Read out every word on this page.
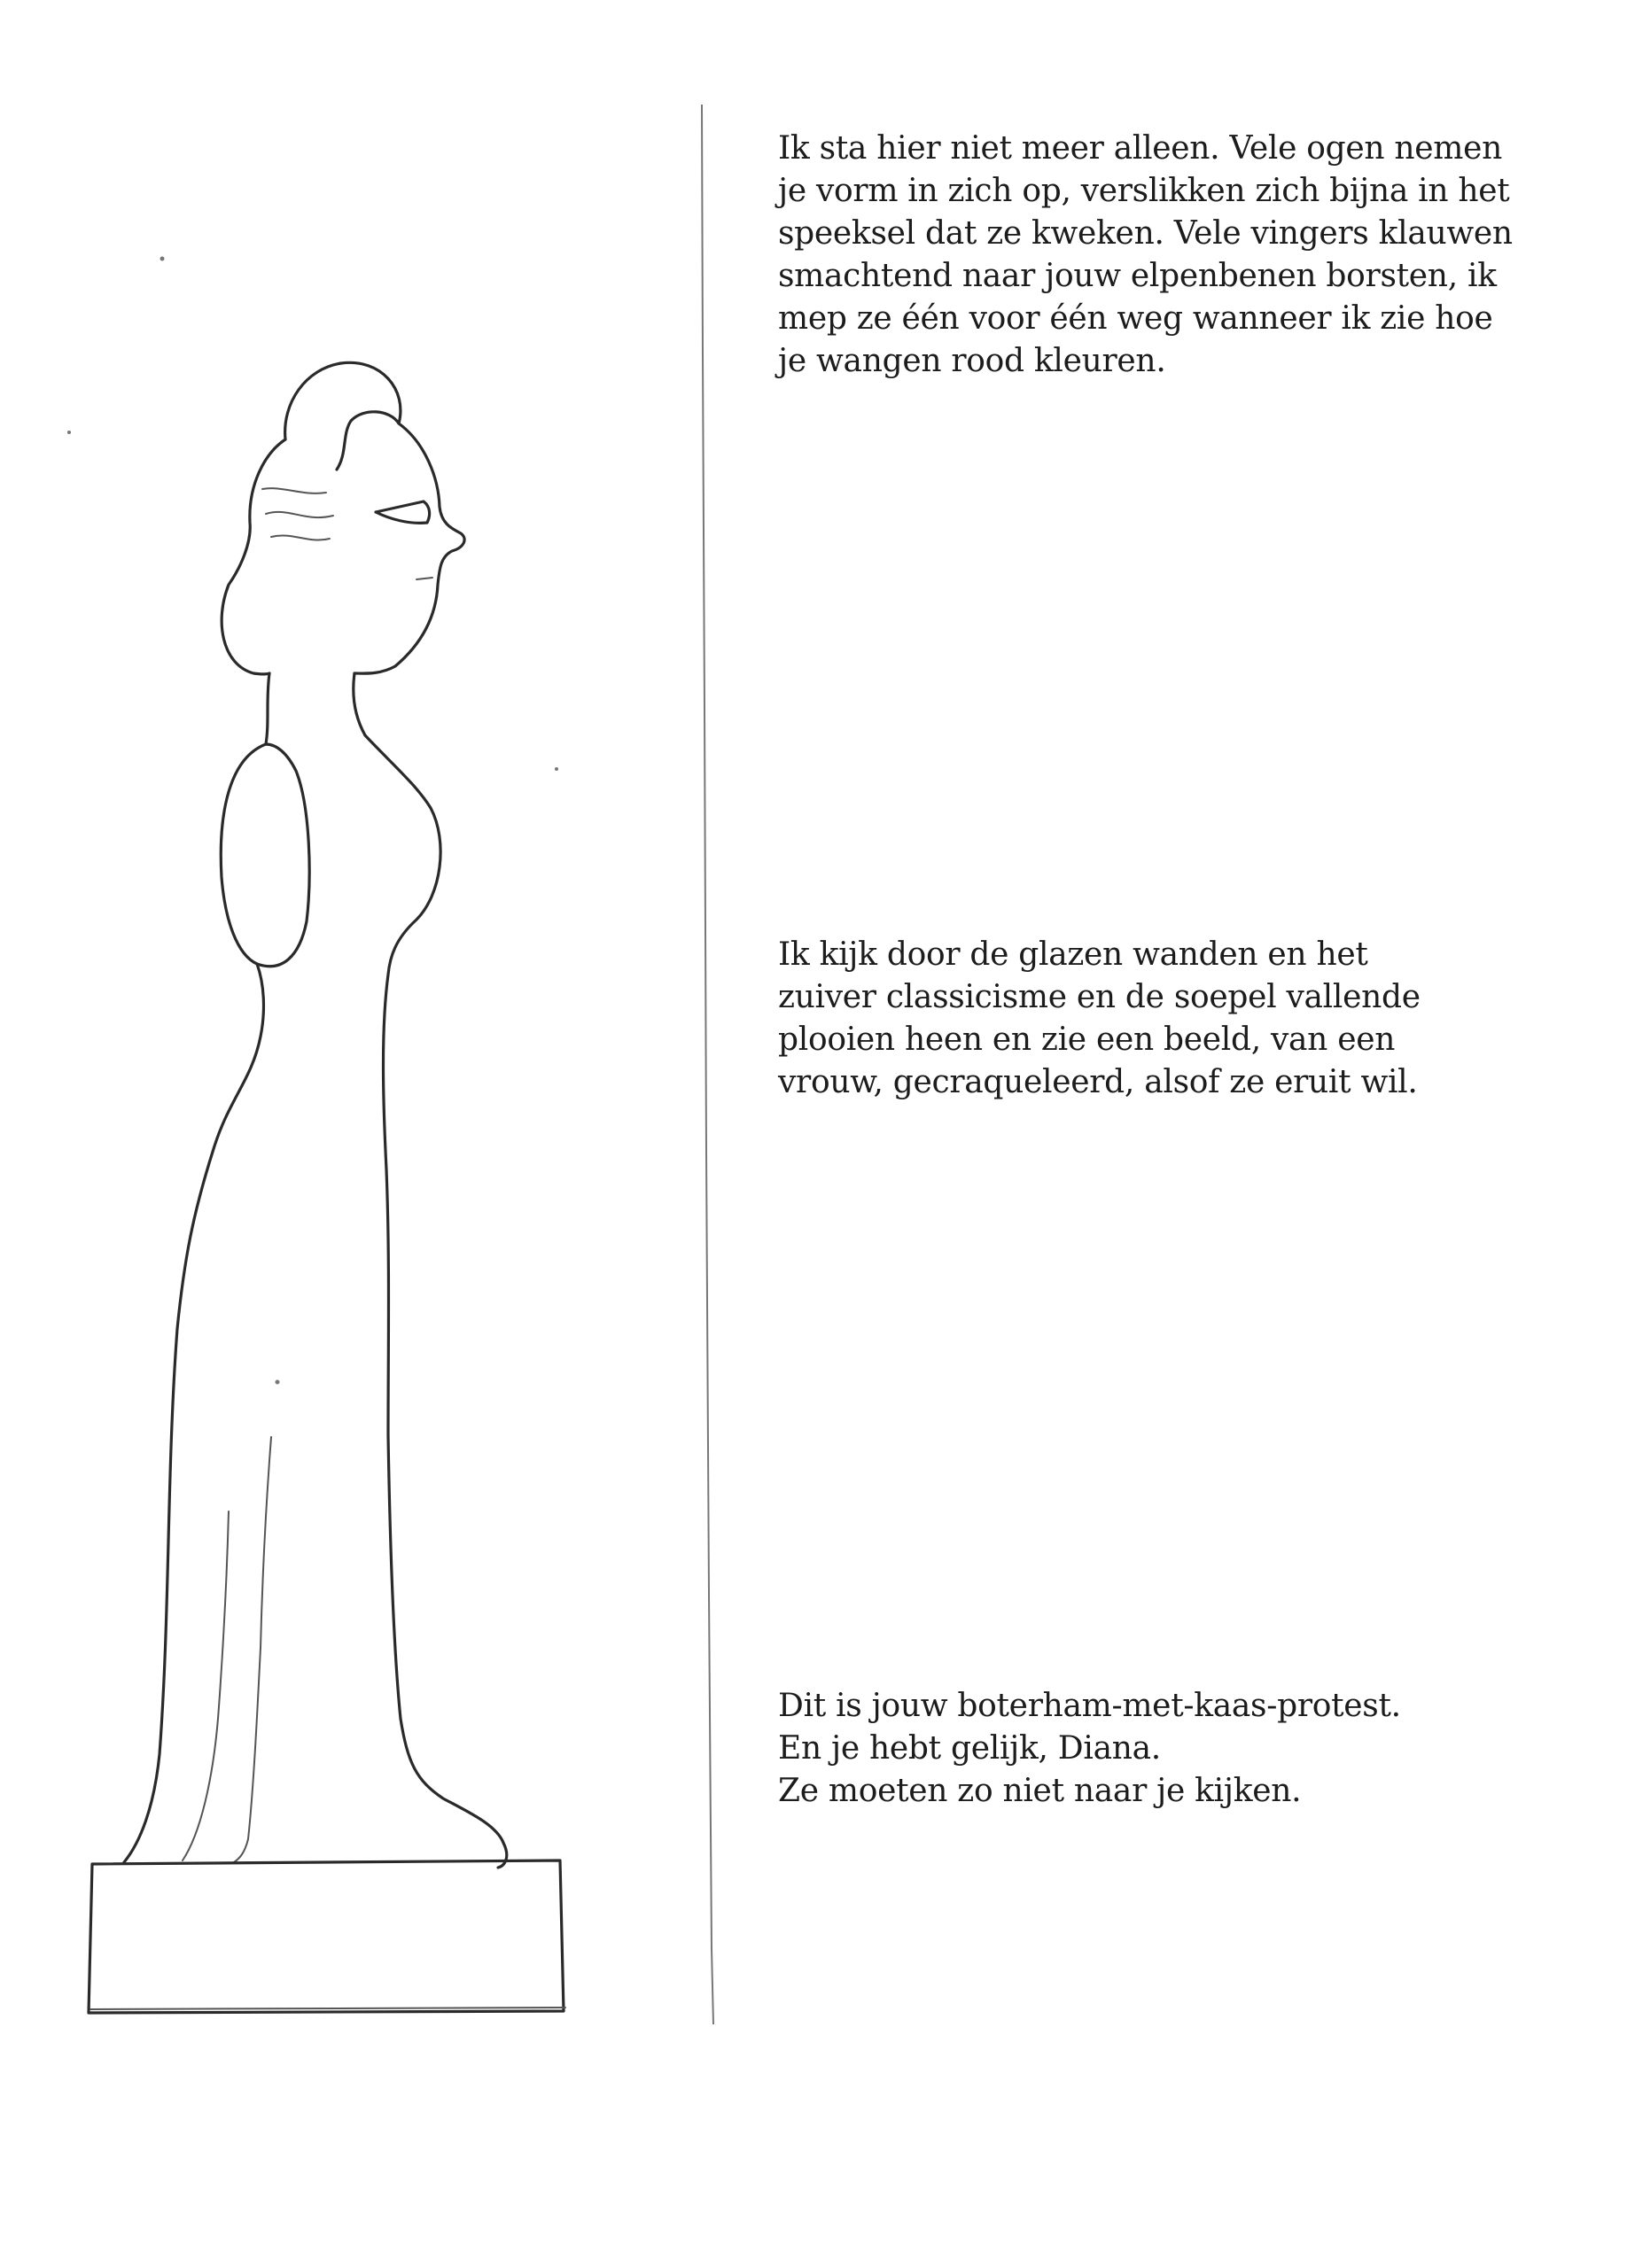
Ik sta hier niet meer alleen. Vele ogen nemen
je vorm in zich op, verslikken zich bijna in het
speeksel dat ze kweken. Vele vingers klauwen
smachtend naar jouw elpenbenen borsten, ik
mep ze één voor één weg wanneer ik zie hoe
je wangen rood kleuren.
Ik kijk door de glazen wanden en het
zuiver classicisme en de soepel vallende
plooien heen en zie een beeld, van een
vrouw, gecraqueleerd, alsof ze eruit wil.
Dit is jouw boterham-met-kaas-protest.
En je hebt gelijk, Diana.
Ze moeten zo niet naar je kijken.
